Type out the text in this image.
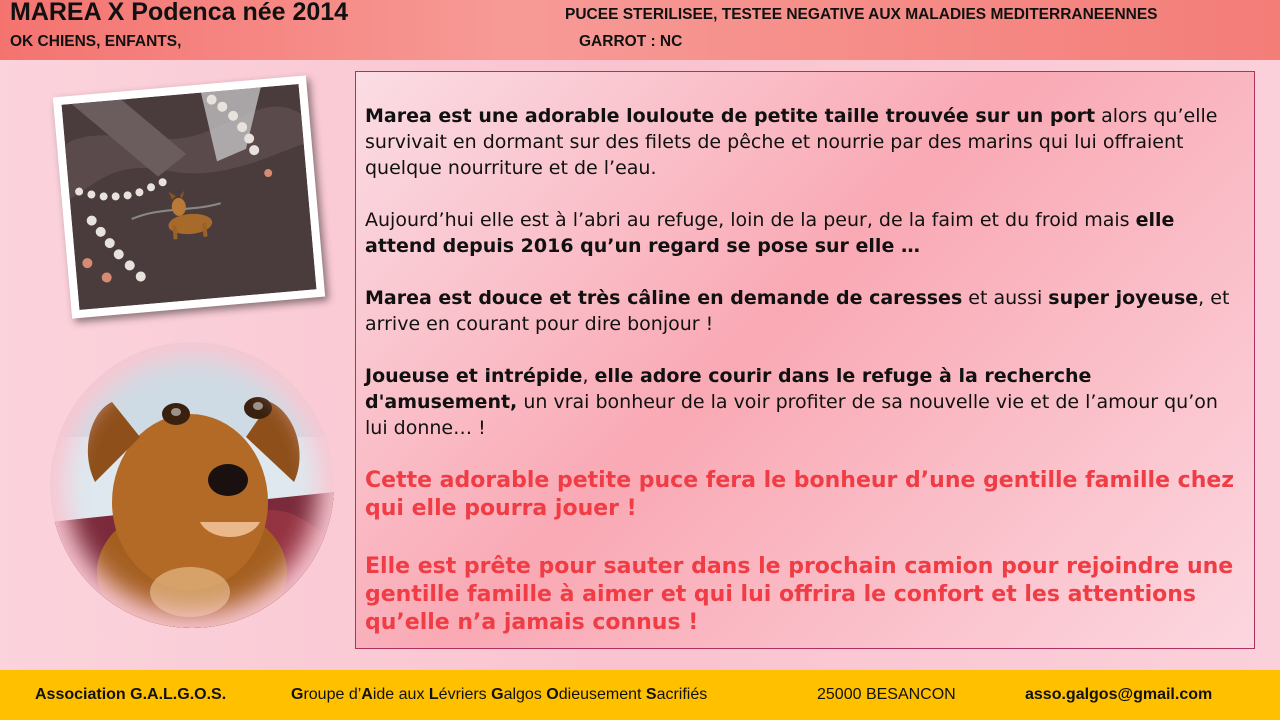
MAREA X Podenca née 2014
OK CHIENS, ENFANTS,
PUCEE STERILISEE, TESTEE NEGATIVE AUX MALADIES MEDITERRANEENNES
GARROT : NC

Marea est une adorable louloute de petite taille trouvée sur un port alors qu’elle survivait en dormant sur des filets de pêche et nourrie par des marins qui lui offraient quelque nourriture et de l’eau.

Aujourd’hui elle est à l’abri au refuge, loin de la peur, de la faim et du froid mais elle attend depuis 2016 qu’un regard se pose sur elle …

Marea est douce et très câline en demande de caresses et aussi super joyeuse, et arrive en courant pour dire bonjour !

Joueuse et intrépide, elle adore courir dans le refuge à la recherche d'amusement, un vrai bonheur de la voir profiter de sa nouvelle vie et de l’amour qu’on lui donne… !

Cette adorable petite puce fera le bonheur d’une gentille famille chez qui elle pourra jouer !

Elle est prête pour sauter dans le prochain camion pour rejoindre une gentille famille à aimer et qui lui offrira le confort et les attentions qu’elle n’a jamais connus !

Association G.A.L.G.O.S.	Groupe d’Aide aux Lévriers Galgos Odieusement Sacrifiés	25000 BESANCON	asso.galgos@gmail.com
